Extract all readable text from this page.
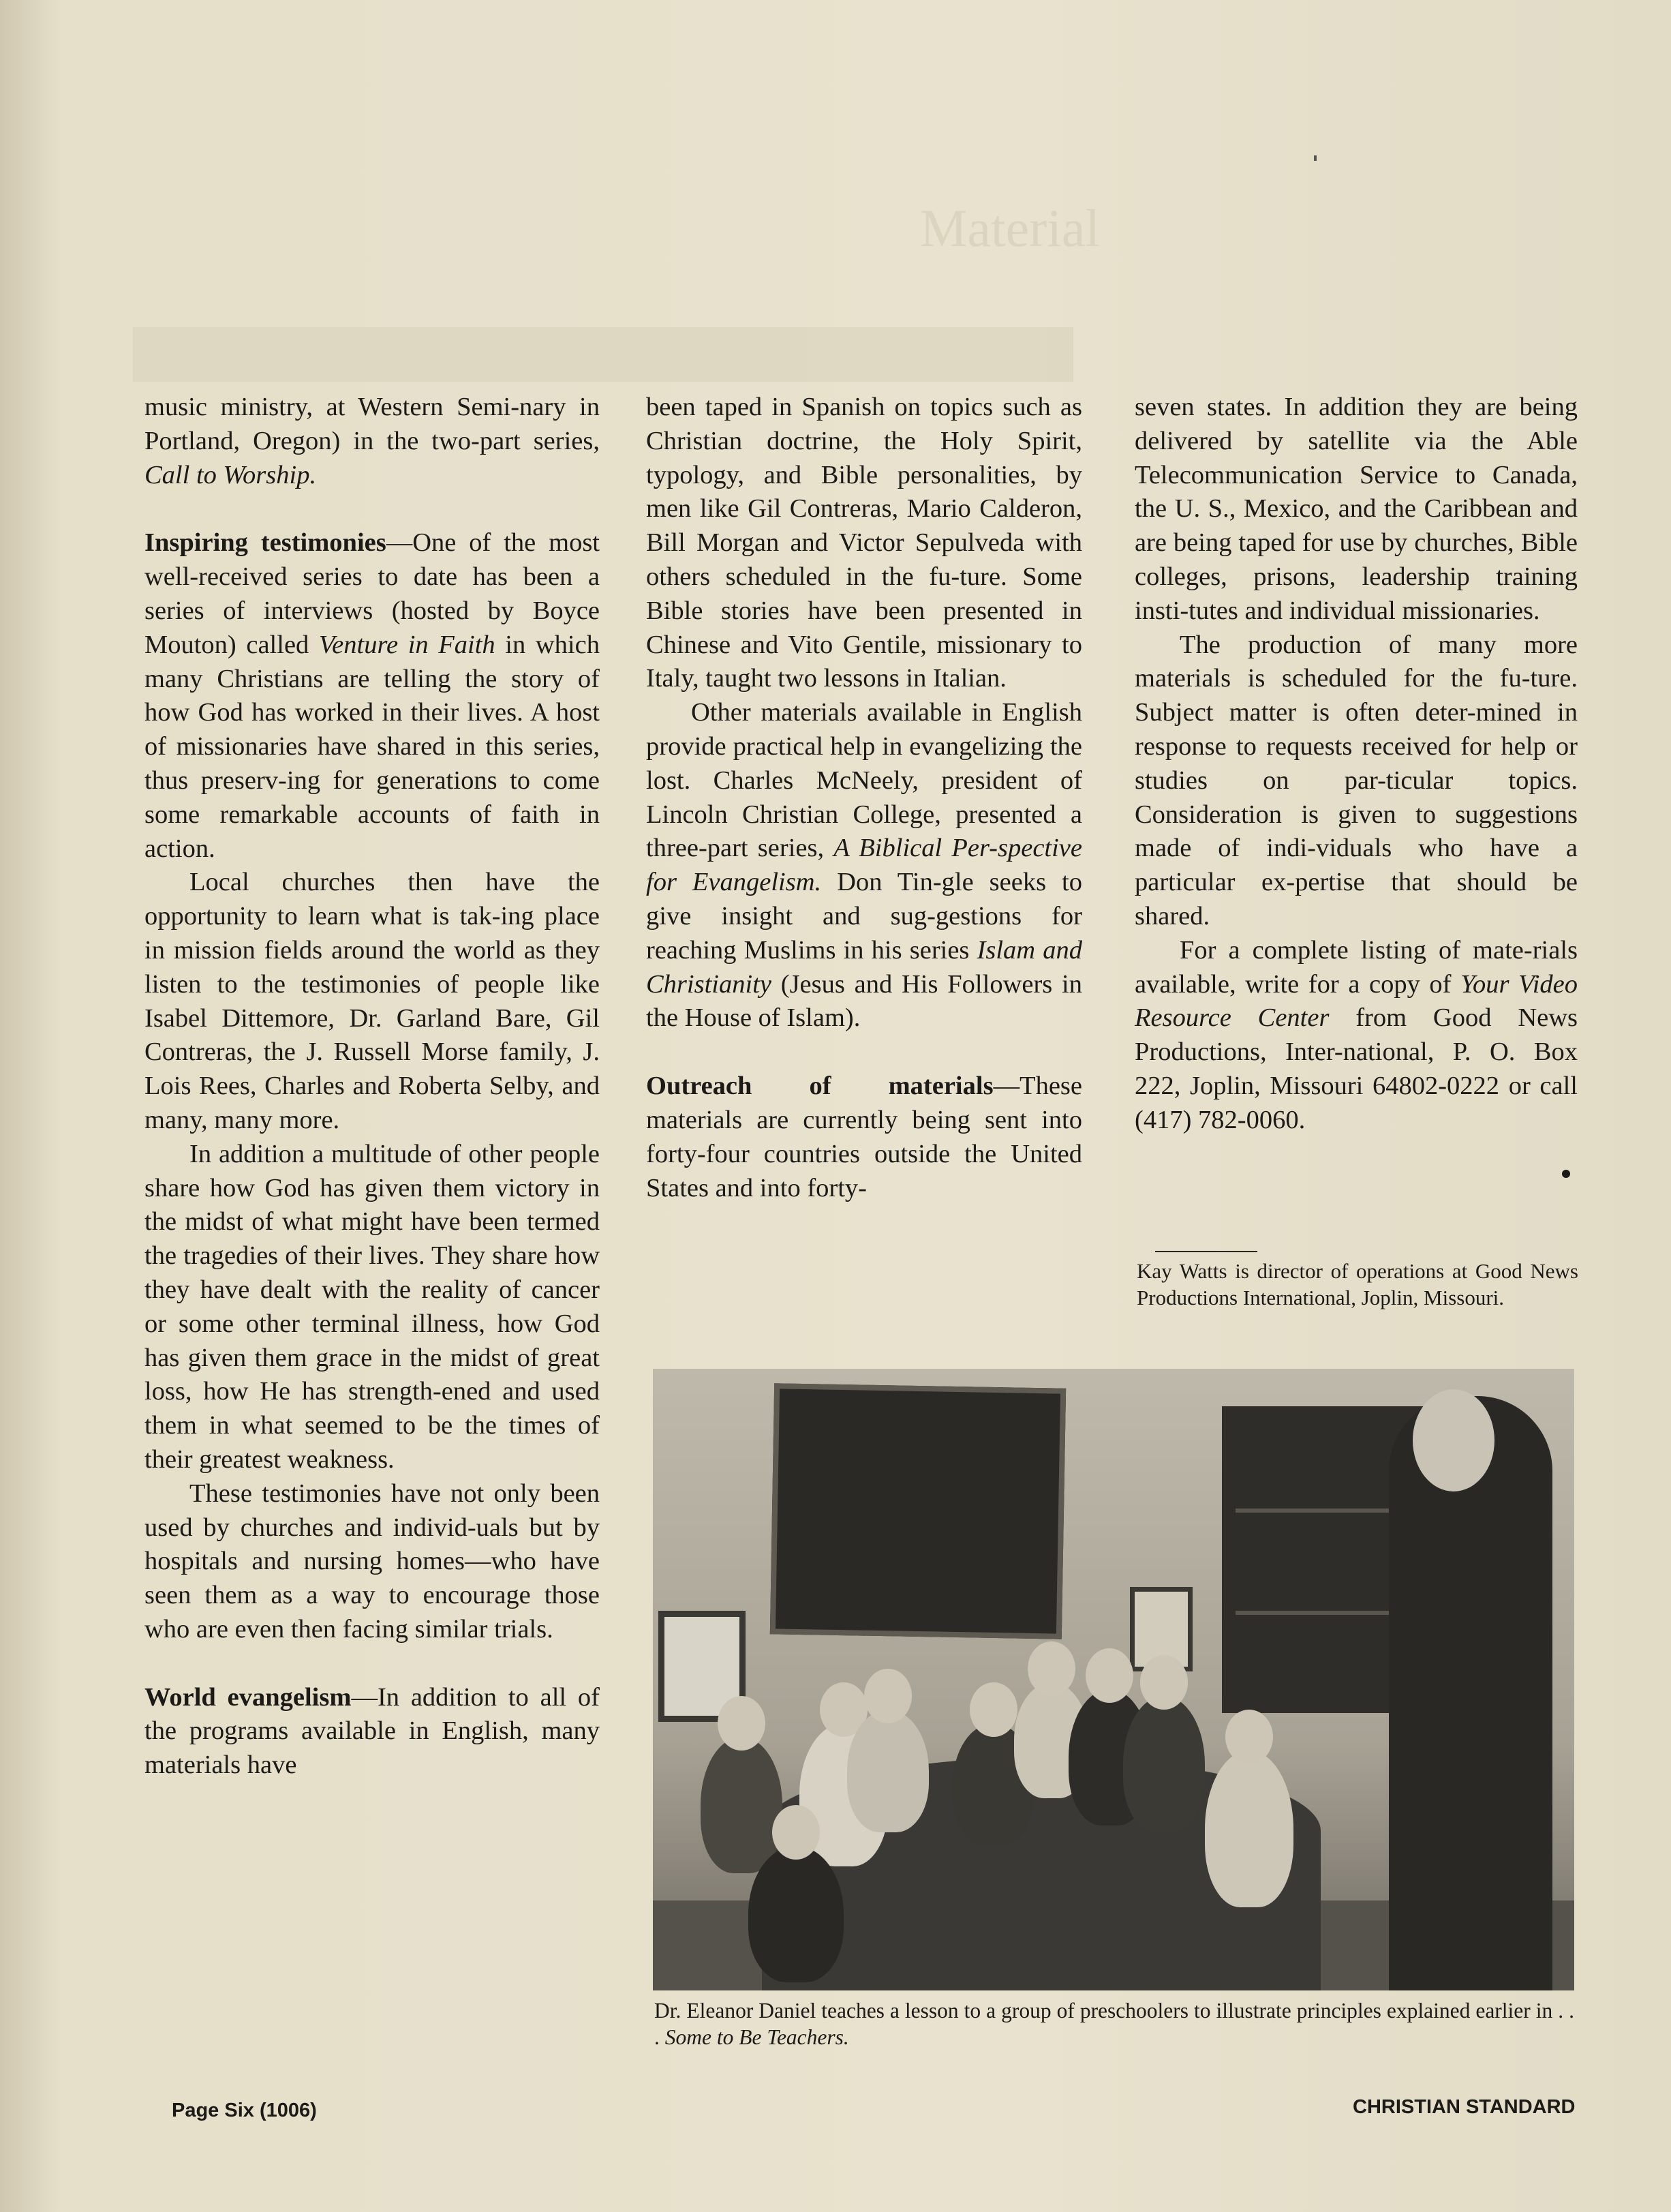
Material

music ministry, at Western Semi-nary in Portland, Oregon) in the two-part series, Call to Worship.

Inspiring testimonies—One of the most well-received series to date has been a series of interviews (hosted by Boyce Mouton) called Venture in Faith in which many Christians are telling the story of how God has worked in their lives. A host of missionaries have shared in this series, thus preserv-ing for generations to come some remarkable accounts of faith in action.

Local churches then have the opportunity to learn what is tak-ing place in mission fields around the world as they listen to the testimonies of people like Isabel Dittemore, Dr. Garland Bare, Gil Contreras, the J. Russell Morse family, J. Lois Rees, Charles and Roberta Selby, and many, many more.

In addition a multitude of other people share how God has given them victory in the midst of what might have been termed the tragedies of their lives. They share how they have dealt with the reality of cancer or some other terminal illness, how God has given them grace in the midst of great loss, how He has strength-ened and used them in what seemed to be the times of their greatest weakness.

These testimonies have not only been used by churches and individ-uals but by hospitals and nursing homes—who have seen them as a way to encourage those who are even then facing similar trials.

World evangelism—In addition to all of the programs available in English, many materials have

been taped in Spanish on topics such as Christian doctrine, the Holy Spirit, typology, and Bible personalities, by men like Gil Contreras, Mario Calderon, Bill Morgan and Victor Sepulveda with others scheduled in the fu-ture. Some Bible stories have been presented in Chinese and Vito Gentile, missionary to Italy, taught two lessons in Italian.

Other materials available in English provide practical help in evangelizing the lost. Charles McNeely, president of Lincoln Christian College, presented a three-part series, A Biblical Per-spective for Evangelism. Don Tin-gle seeks to give insight and sug-gestions for reaching Muslims in his series Islam and Christianity (Jesus and His Followers in the House of Islam).

Outreach of materials—These materials are currently being sent into forty-four countries outside the United States and into forty-

seven states. In addition they are being delivered by satellite via the Able Telecommunication Service to Canada, the U. S., Mexico, and the Caribbean and are being taped for use by churches, Bible colleges, prisons, leadership training insti-tutes and individual missionaries.

The production of many more materials is scheduled for the fu-ture. Subject matter is often deter-mined in response to requests received for help or studies on par-ticular topics. Consideration is given to suggestions made of indi-viduals who have a particular ex-pertise that should be shared.

For a complete listing of mate-rials available, write for a copy of Your Video Resource Center from Good News Productions, Inter-national, P. O. Box 222, Joplin, Missouri 64802-0222 or call (417) 782-0060.

Kay Watts is director of operations at Good News Productions International, Joplin, Missouri.
Dr. Eleanor Daniel teaches a lesson to a group of preschoolers to illustrate principles explained earlier in . . . Some to Be Teachers.
Page Six (1006)	CHRISTIAN STANDARD
